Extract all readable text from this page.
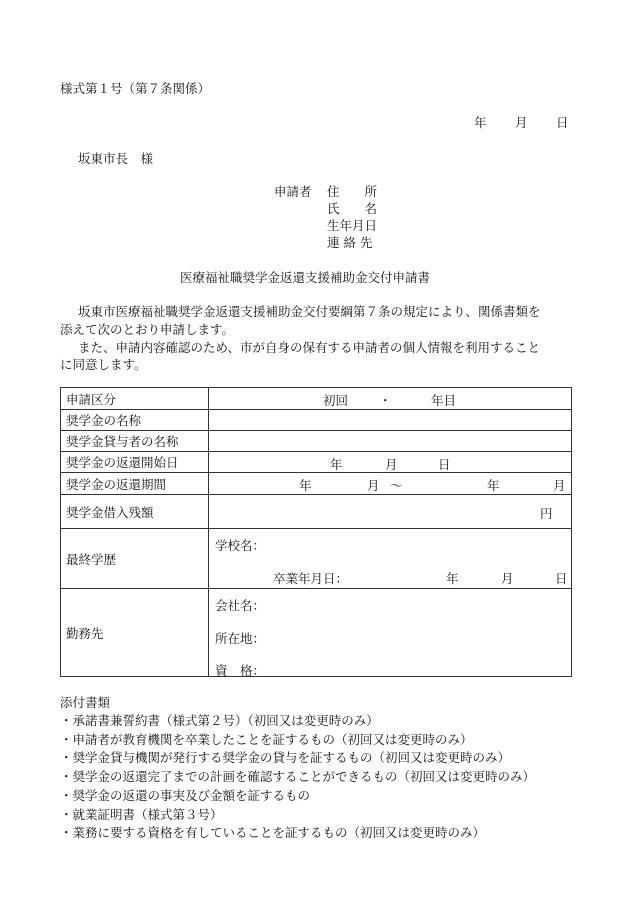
様式第１号（第７条関係）
年 月 日
坂東市長　様
申請者 住　　所
氏　　名
生年月日
連 絡 先
医療福祉職奨学金返還支援補助金交付申請書
坂東市医療福祉職奨学金返還支援補助金交付要綱第７条の規定により、関係書類を
添えて次のとおり申請します。
また、申請内容確認のため、市が自身の保有する申請者の個人情報を利用すること
に同意します。
申請区分	初回 ・ 年目

奨学金の名称	
奨学金貸与者の名称	
奨学金の返還開始日	年 月 日

奨学金の返還期間	年 月 〜 年 月

奨学金借入残額	円

最終学歴	学校名：
卒業年月日： 年 月 日

勤務先	会社名：
所在地：
資　格：
添付書類
・承諾書兼誓約書（様式第２号）（初回又は変更時のみ）
・申請者が教育機関を卒業したことを証するもの（初回又は変更時のみ）
・奨学金貸与機関が発行する奨学金の貸与を証するもの（初回又は変更時のみ）
・奨学金の返還完了までの計画を確認することができるもの（初回又は変更時のみ）
・奨学金の返還の事実及び金額を証するもの
・就業証明書（様式第３号）
・業務に要する資格を有していることを証するもの（初回又は変更時のみ）
